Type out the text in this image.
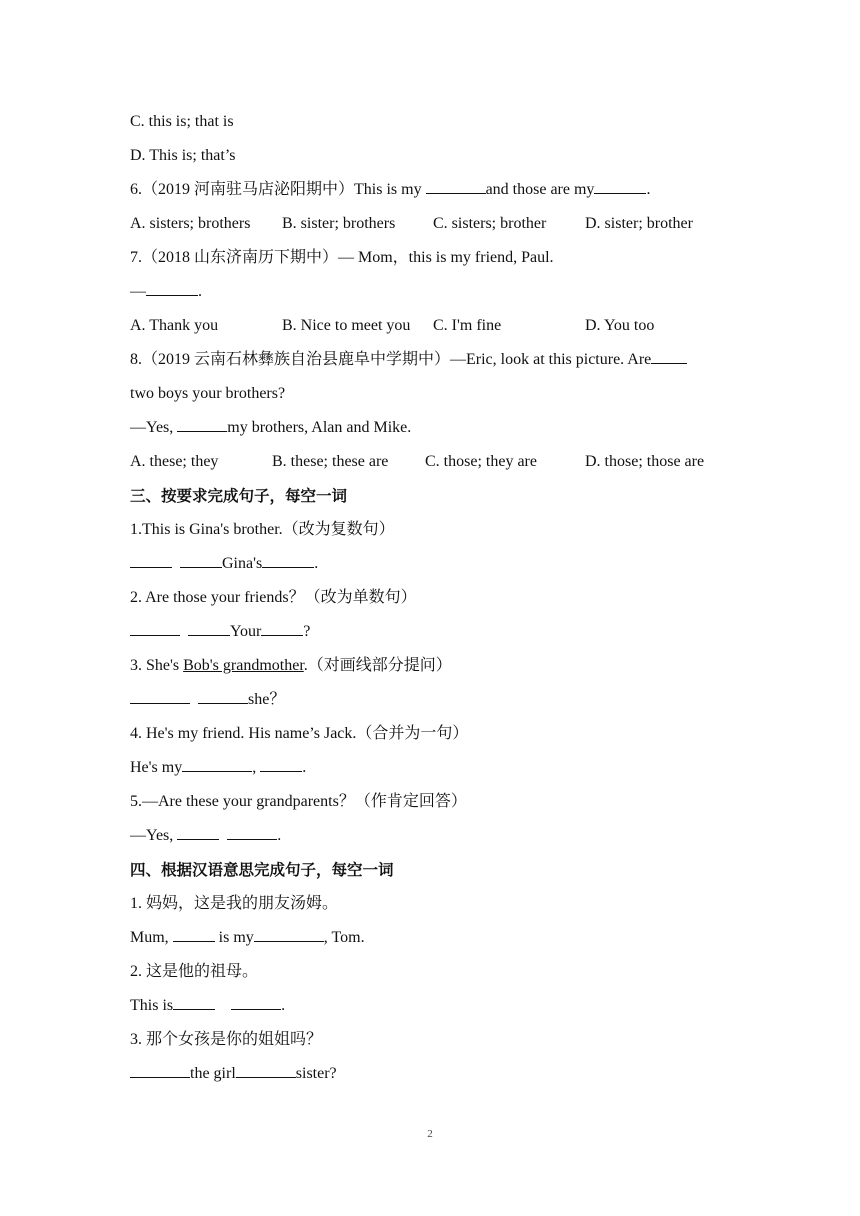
C. this is; that is
D. This is; that’s
6.（2019 河南驻马店泌阳期中）This is my	and those are my	.
A. sisters; brothers	B. sister; brothers	C. sisters; brother	D. sister; brother
7.（2018 山东济南历下期中）— Mom，this is my friend, Paul.
—	.
A. Thank you	B. Nice to meet you	C. I'm fine	D. You too
8.（2019 云南石林彝族自治县鹿阜中学期中）—Eric, look at this picture. Are
two boys your brothers?
—Yes,	my brothers, Alan and Mike.
A. these; they	B. these; these are	C. those; they are	D. those; those are
三、按要求完成句子，每空一词
1.This is Gina's brother.（改为复数句）
Gina's	.
2. Are those your friends？（改为单数句）
Your	?
3. She's Bob's grandmother.（对画线部分提问）
she？
4. He's my friend. His name’s Jack.（合并为一句）
He's my	,	.
5.—Are these your grandparents？（作肯定回答）
—Yes,	.
四、根据汉语意思完成句子，每空一词
1. 妈妈，这是我的朋友汤姆。
Mum,	is my	, Tom.
2. 这是他的祖母。
This is	.
3. 那个女孩是你的姐姐吗？
the girl	sister?
2
